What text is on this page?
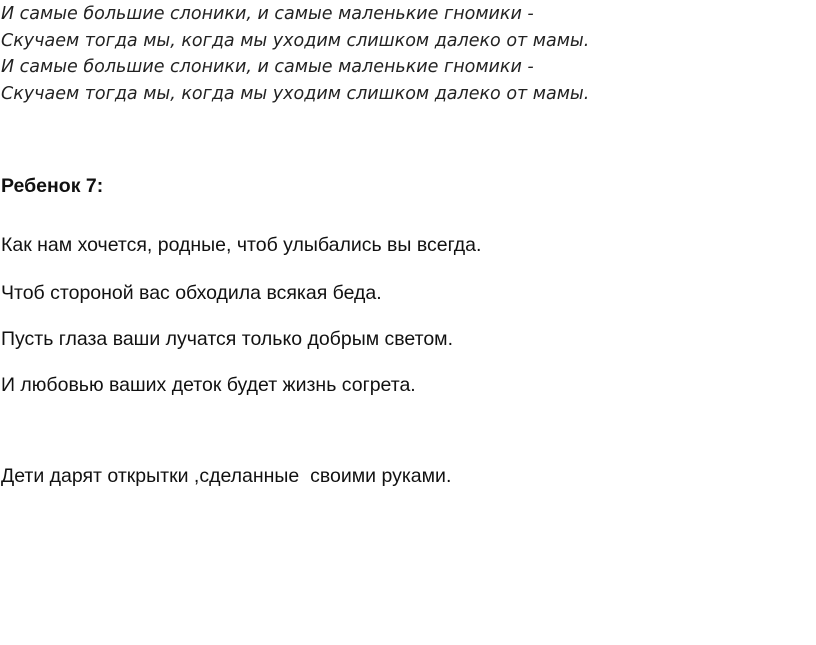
И самые большие слоники, и самые маленькие гномики -
Скучаем тогда мы, когда мы уходим слишком далеко от мамы.
И самые большие слоники, и самые маленькие гномики -
Скучаем тогда мы, когда мы уходим слишком далеко от мамы.
Ребенок 7:
Как нам хочется, родные, чтоб улыбались вы всегда.
Чтоб стороной вас обходила всякая беда.
Пусть глаза ваши лучатся только добрым светом.
И любовью ваших деток будет жизнь согрета.
Дети дарят открытки ,сделанные  своими руками.
